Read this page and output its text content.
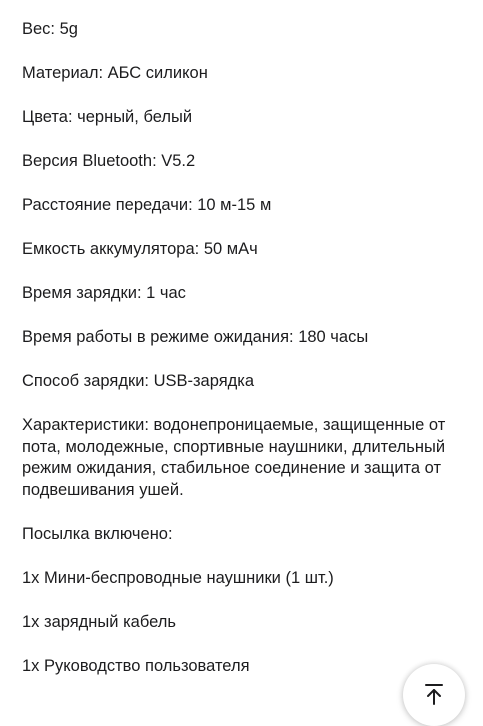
Вес: 5g
Материал: АБС силикон
Цвета: черный, белый
Версия Bluetooth: V5.2
Расстояние передачи: 10 м-15 м
Емкость аккумулятора: 50 мАч
Время зарядки: 1 час
Время работы в режиме ожидания: 180 часы
Способ зарядки: USB-зарядка
Характеристики: водонепроницаемые, защищенные от пота, молодежные, спортивные наушники, длительный режим ожидания, стабильное соединение и защита от подвешивания ушей.
Посылка включено:
1x Мини-беспроводные наушники (1 шт.)
1x зарядный кабель
1x Руководство пользователя
